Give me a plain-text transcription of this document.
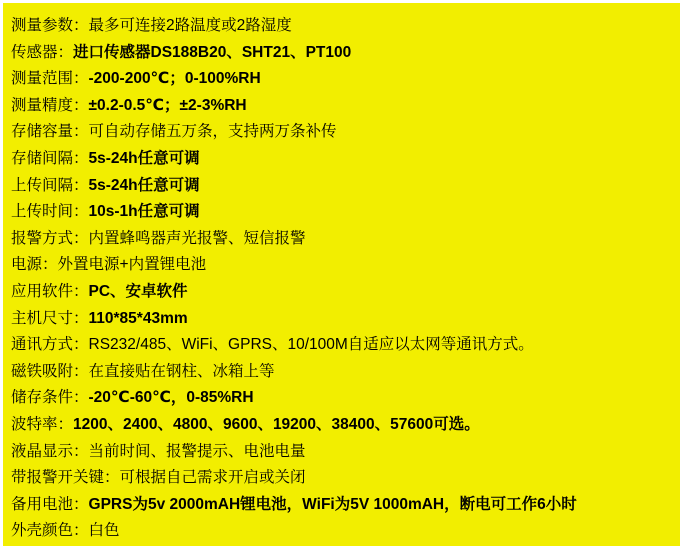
测量参数：最多可连接2路温度或2路湿度
传感器：进口传感器DS188B20、SHT21、PT100
测量范围：-200-200℃；0-100%RH
测量精度：±0.2-0.5℃；±2-3%RH
存储容量：可自动存储五万条，支持两万条补传
存储间隔：5s-24h任意可调
上传间隔：5s-24h任意可调
上传时间：10s-1h任意可调
报警方式：内置蜂鸣器声光报警、短信报警
电源：外置电源+内置锂电池
应用软件：PC、安卓软件
主机尺寸：110*85*43mm
通讯方式：RS232/485、WiFi、GPRS、10/100M自适应以太网等通讯方式。
磁铁吸附：在直接贴在钢柱、冰箱上等
储存条件：-20℃-60℃，0-85%RH
波特率：1200、2400、4800、9600、19200、38400、57600可选。
液晶显示：当前时间、报警提示、电池电量
带报警开关键：可根据自己需求开启或关闭
备用电池：GPRS为5v 2000mAH锂电池，WiFi为5V 1000mAH，断电可工作6小时
外壳颜色：白色
